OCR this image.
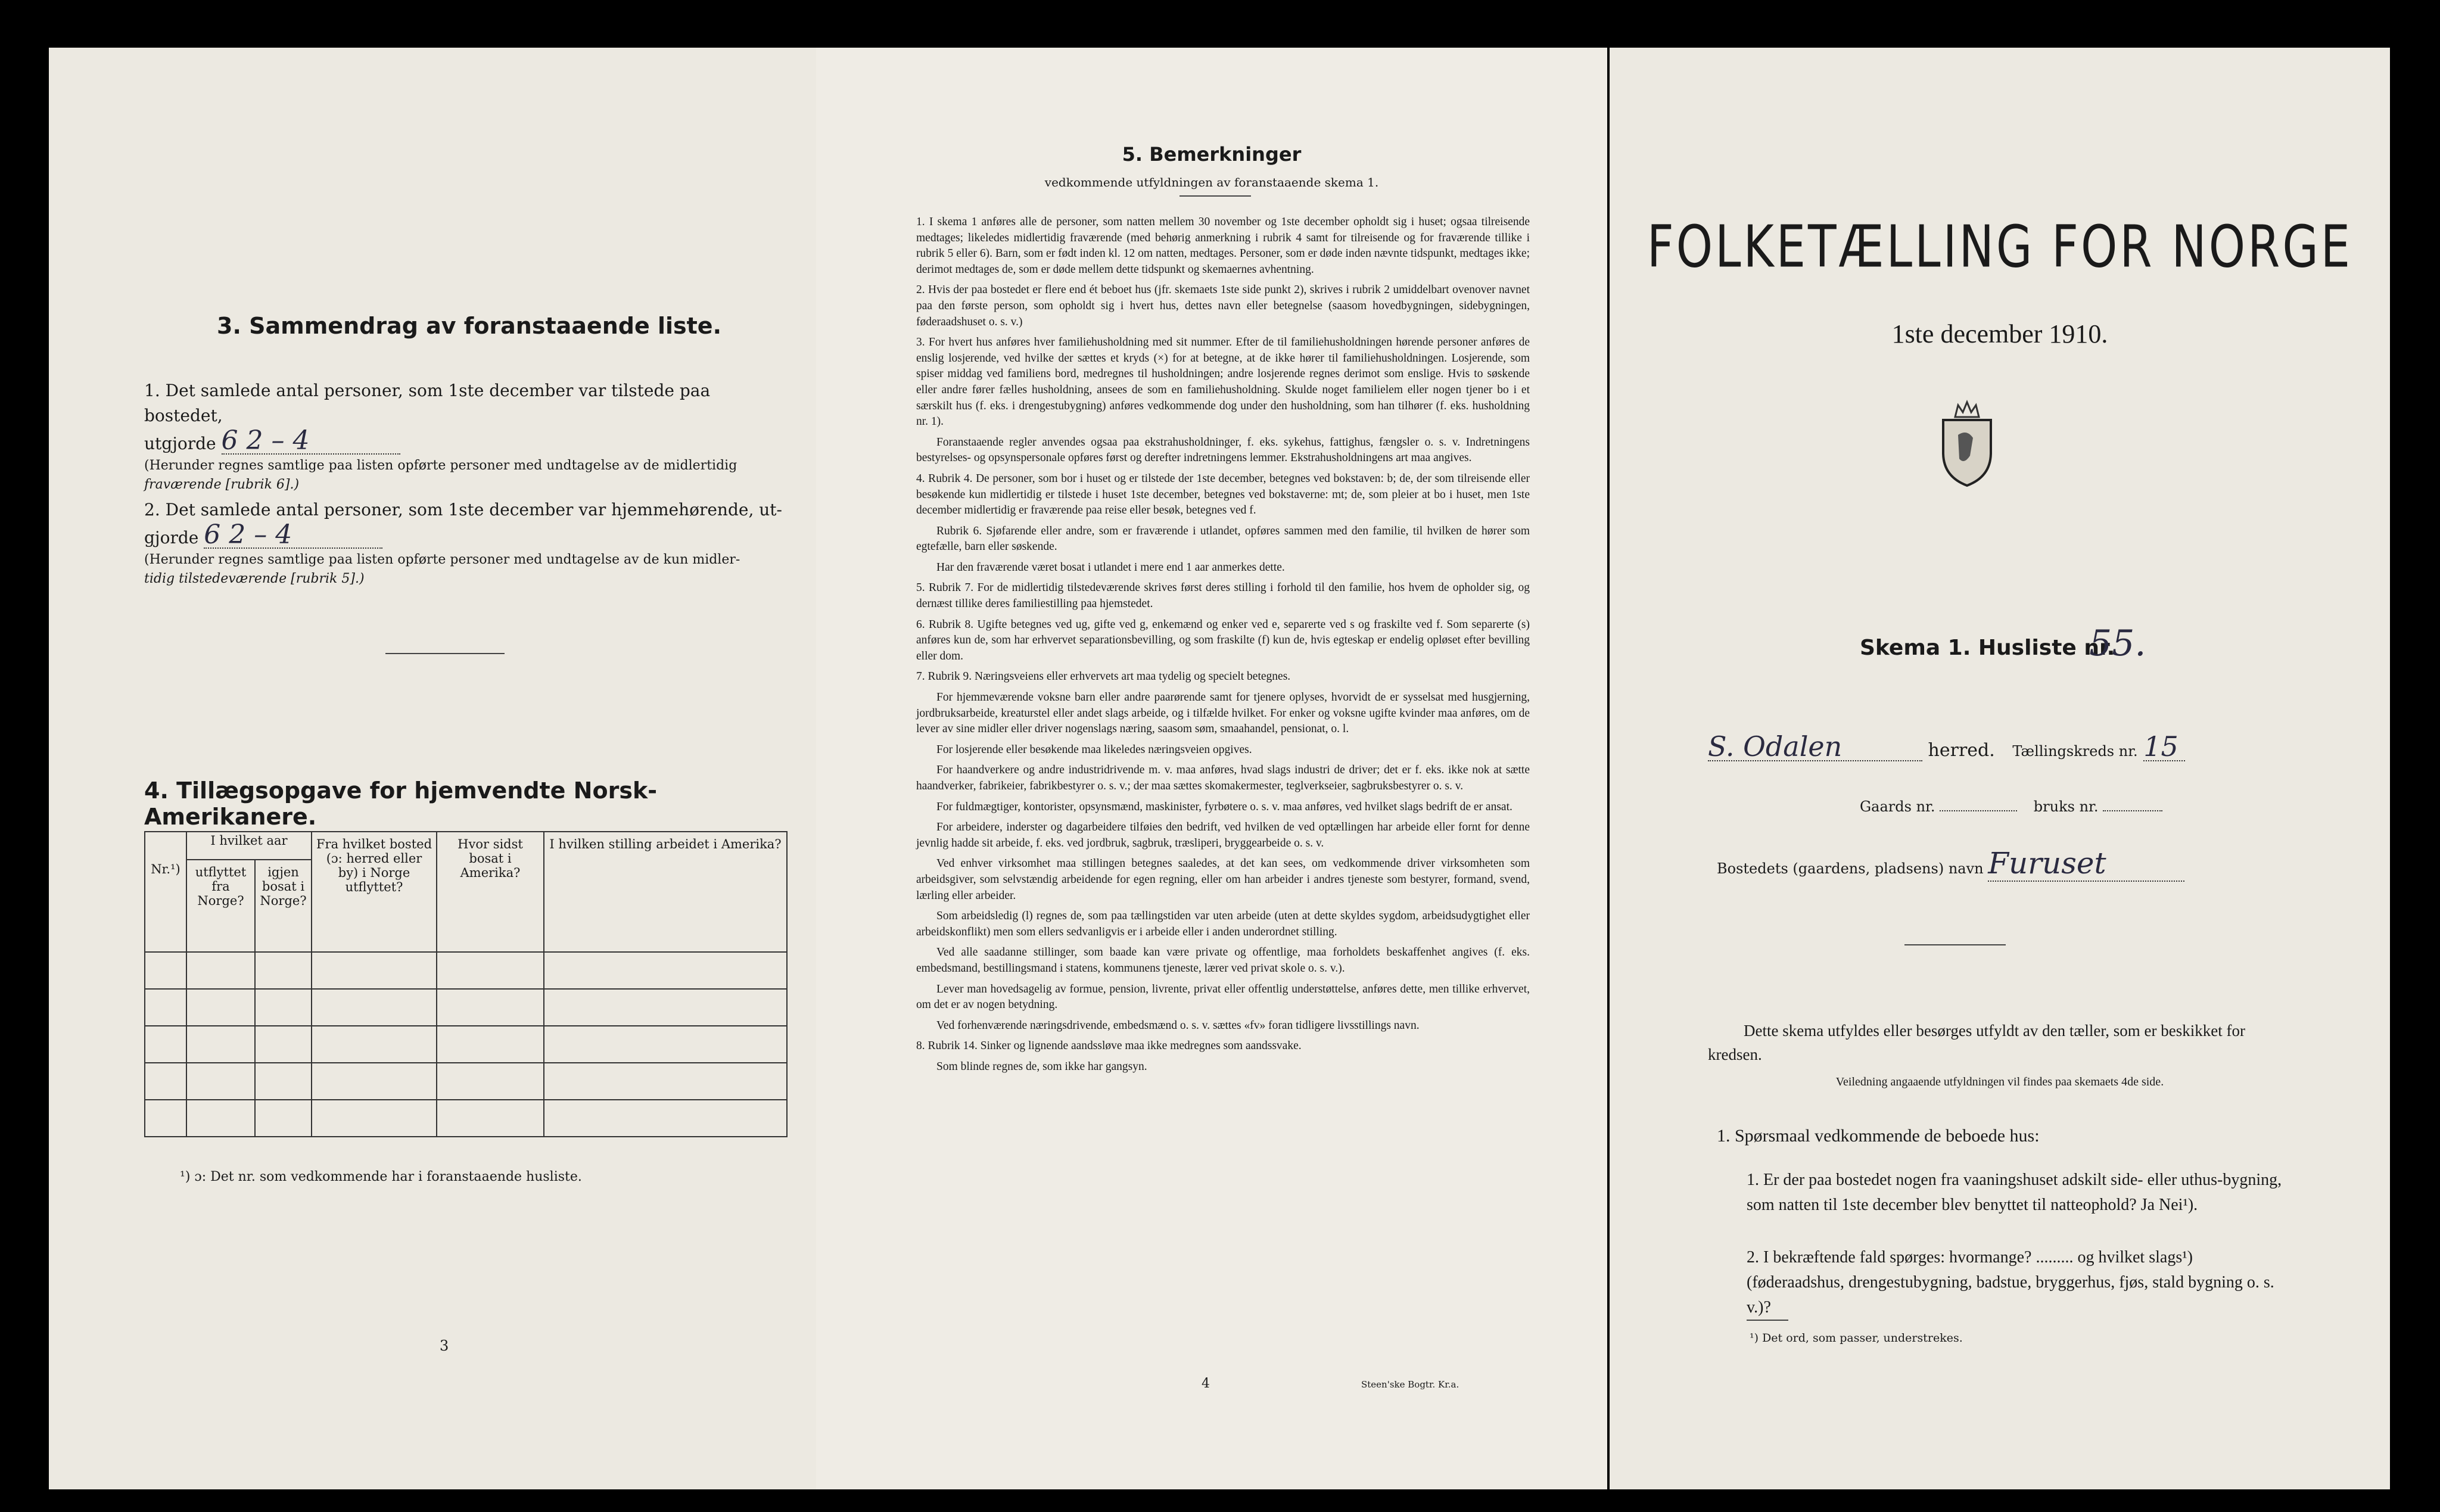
3. Sammendrag av foranstaaende liste.
1. Det samlede antal personer, som 1ste december var tilstede paa bostedet,
utgjorde 6 2 – 4
(Herunder regnes samtlige paa listen opførte personer med undtagelse av de midlertidig
fraværende [rubrik 6].)
2. Det samlede antal personer, som 1ste december var hjemmehørende, ut-
gjorde 6 2 – 4
(Herunder regnes samtlige paa listen opførte personer med undtagelse av de kun midler-
tidig tilstedeværende [rubrik 5].)
4. Tillægsopgave for hjemvendte Norsk-Amerikanere.
Nr.¹)	I hvilket aar		Fra hvilket bosted (ɔ: herred eller by) i Norge utflyttet?	Hvor sidst bosat i Amerika?	I hvilken stilling arbeidet i Amerika?
	utflyttet fra Norge?	igjen bosat i Norge?			

¹) ɔ: Det nr. som vedkommende har i foranstaaende husliste.
3
5. Bemerkninger
vedkommende utfyldningen av foranstaaende skema 1.

1. I skema 1 anføres alle de personer, som natten mellem 30 november og 1ste december opholdt sig i huset; ogsaa tilreisende medtages; likeledes midlertidig fraværende (med behørig anmerkning i rubrik 4 samt for tilreisende og for fraværende tillike i rubrik 5 eller 6). Barn, som er født inden kl. 12 om natten, medtages. Personer, som er døde inden nævnte tidspunkt, medtages ikke; derimot medtages de, som er døde mellem dette tidspunkt og skemaernes avhentning.

2. Hvis der paa bostedet er flere end ét beboet hus (jfr. skemaets 1ste side punkt 2), skrives i rubrik 2 umiddelbart ovenover navnet paa den første person, som opholdt sig i hvert hus, dettes navn eller betegnelse (saasom hovedbygningen, sidebygningen, føderaadshuset o. s. v.)

3. For hvert hus anføres hver familiehusholdning med sit nummer. Efter de til familiehusholdningen hørende personer anføres de enslig losjerende, ved hvilke der sættes et kryds (×) for at betegne, at de ikke hører til familiehusholdningen. Losjerende, som spiser middag ved familiens bord, medregnes til husholdningen; andre losjerende regnes derimot som enslige. Hvis to søskende eller andre fører fælles husholdning, ansees de som en familiehusholdning. Skulde noget familielem eller nogen tjener bo i et særskilt hus (f. eks. i drengestubygning) anføres vedkommende dog under den husholdning, som han tilhører (f. eks. husholdning nr. 1).

Foranstaaende regler anvendes ogsaa paa ekstrahusholdninger, f. eks. sykehus, fattighus, fængsler o. s. v. Indretningens bestyrelses- og opsynspersonale opføres først og derefter indretningens lemmer. Ekstrahusholdningens art maa angives.

4. Rubrik 4. De personer, som bor i huset og er tilstede der 1ste december, betegnes ved bokstaven: b; de, der som tilreisende eller besøkende kun midlertidig er tilstede i huset 1ste december, betegnes ved bokstaverne: mt; de, som pleier at bo i huset, men 1ste december midlertidig er fraværende paa reise eller besøk, betegnes ved f.

Rubrik 6. Sjøfarende eller andre, som er fraværende i utlandet, opføres sammen med den familie, til hvilken de hører som egtefælle, barn eller søskende.

Har den fraværende været bosat i utlandet i mere end 1 aar anmerkes dette.

5. Rubrik 7. For de midlertidig tilstedeværende skrives først deres stilling i forhold til den familie, hos hvem de opholder sig, og dernæst tillike deres familiestilling paa hjemstedet.

6. Rubrik 8. Ugifte betegnes ved ug, gifte ved g, enkemænd og enker ved e, separerte ved s og fraskilte ved f. Som separerte (s) anføres kun de, som har erhvervet separationsbevilling, og som fraskilte (f) kun de, hvis egteskap er endelig opløset efter bevilling eller dom.

7. Rubrik 9. Næringsveiens eller erhvervets art maa tydelig og specielt betegnes.

For hjemmeværende voksne barn eller andre paarørende samt for tjenere oplyses, hvorvidt de er sysselsat med husgjerning, jordbruksarbeide, kreaturstel eller andet slags arbeide, og i tilfælde hvilket. For enker og voksne ugifte kvinder maa anføres, om de lever av sine midler eller driver nogenslags næring, saasom søm, smaahandel, pensionat, o. l.

For losjerende eller besøkende maa likeledes næringsveien opgives.

For haandverkere og andre industridrivende m. v. maa anføres, hvad slags industri de driver; det er f. eks. ikke nok at sætte haandverker, fabrikeier, fabrikbestyrer o. s. v.; der maa sættes skomakermester, teglverkseier, sagbruksbestyrer o. s. v.

For fuldmægtiger, kontorister, opsynsmænd, maskinister, fyrbøtere o. s. v. maa anføres, ved hvilket slags bedrift de er ansat.

For arbeidere, inderster og dagarbeidere tilføies den bedrift, ved hvilken de ved optællingen har arbeide eller fornt for denne jevnlig hadde sit arbeide, f. eks. ved jordbruk, sagbruk, træsliperi, bryggearbeide o. s. v.

Ved enhver virksomhet maa stillingen betegnes saaledes, at det kan sees, om vedkommende driver virksomheten som arbeidsgiver, som selvstændig arbeidende for egen regning, eller om han arbeider i andres tjeneste som bestyrer, formand, svend, lærling eller arbeider.

Som arbeidsledig (l) regnes de, som paa tællingstiden var uten arbeide (uten at dette skyldes sygdom, arbeidsudygtighet eller arbeidskonflikt) men som ellers sedvanligvis er i arbeide eller i anden underordnet stilling.

Ved alle saadanne stillinger, som baade kan være private og offentlige, maa forholdets beskaffenhet angives (f. eks. embedsmand, bestillingsmand i statens, kommunens tjeneste, lærer ved privat skole o. s. v.).

Lever man hovedsagelig av formue, pension, livrente, privat eller offentlig understøttelse, anføres dette, men tillike erhvervet, om det er av nogen betydning.

Ved forhenværende næringsdrivende, embedsmænd o. s. v. sættes «fv» foran tidligere livsstillings navn.

8. Rubrik 14. Sinker og lignende aandssløve maa ikke medregnes som aandssvake.

Som blinde regnes de, som ikke har gangsyn.

4	Steen'ske Bogtr. Kr.a.
FOLKETÆLLING FOR NORGE
1ste december 1910.
Skema 1. Husliste nr.
55.
S. Odalen	herred. Tællingskreds nr. 15
Gaards nr.	bruks nr.
Bostedets (gaardens, pladsens) navn Furuset
Dette skema utfyldes eller besørges utfyldt av den tæller, som er beskikket for kredsen.
Veiledning angaaende utfyldningen vil findes paa skemaets 4de side.
1. Spørsmaal vedkommende de beboede hus:
1. Er der paa bostedet nogen fra vaaningshuset adskilt side- eller uthus-bygning, som natten til 1ste december blev benyttet til natteophold? Ja Nei¹).
2. I bekræftende fald spørges: hvormange? ......... og hvilket slags¹) (føderaadshus, drengestubygning, badstue, bryggerhus, fjøs, stald bygning o. s. v.)?
¹) Det ord, som passer, understrekes.
